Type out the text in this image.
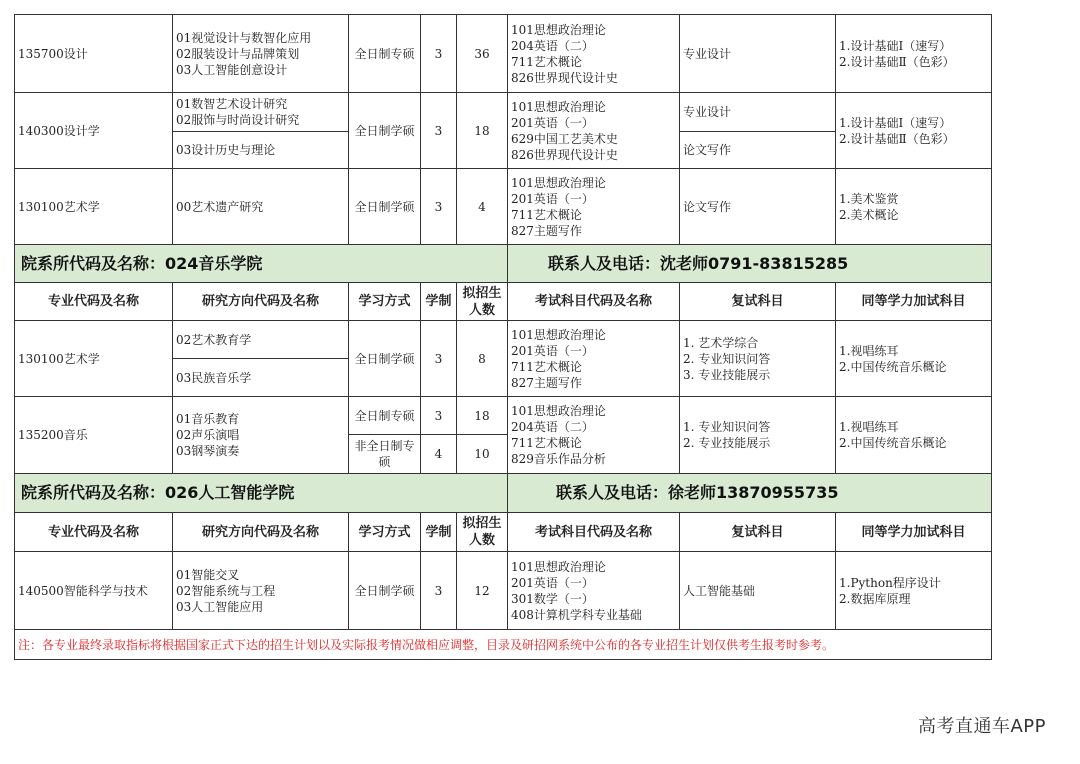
135700设计	01视觉设计与数智化应用
02服装设计与品牌策划
03人工智能创意设计	全日制专硕	3	36	101思想政治理论
204英语（二）
711艺术概论
826世界现代设计史	专业设计	1.设计基础Ⅰ（速写）
2.设计基础Ⅱ（色彩）
140300设计学	01数智艺术设计研究
02服饰与时尚设计研究	全日制学硕	3	18	101思想政治理论
201英语（一）
629中国工艺美术史
826世界现代设计史	专业设计	1.设计基础Ⅰ（速写）
2.设计基础Ⅱ（色彩）
	03设计历史与理论					论文写作	
130100艺术学	00艺术遗产研究	全日制学硕	3	4	101思想政治理论
201英语（一）
711艺术概论
827主题写作	论文写作	1.美术鉴赏
2.美术概论
院系所代码及名称：024音乐学院					联系人及电话：沈老师0791-83815285		
专业代码及名称	研究方向代码及名称	学习方式	学制	拟招生人数	考试科目代码及名称	复试科目	同等学力加试科目
130100艺术学	02艺术教育学	全日制学硕	3	8	101思想政治理论
201英语（一）
711艺术概论
827主题写作	1. 艺术学综合
2. 专业知识问答
3. 专业技能展示	1.视唱练耳
2.中国传统音乐概论
	03民族音乐学						
135200音乐	01音乐教育
02声乐演唱
03钢琴演奏	全日制专硕	3	18	101思想政治理论
204英语（二）
711艺术概论
829音乐作品分析	1. 专业知识问答
2. 专业技能展示	1.视唱练耳
2.中国传统音乐概论
		非全日制专硕	4	10			
院系所代码及名称：026人工智能学院					联系人及电话：徐老师13870955735		
专业代码及名称	研究方向代码及名称	学习方式	学制	拟招生人数	考试科目代码及名称	复试科目	同等学力加试科目
140500智能科学与技术	01智能交叉
02智能系统与工程
03人工智能应用	全日制学硕	3	12	101思想政治理论
201英语（一）
301数学（一）
408计算机学科专业基础	人工智能基础	1.Python程序设计
2.数据库原理
注：各专业最终录取指标将根据国家正式下达的招生计划以及实际报考情况做相应调整，目录及研招网系统中公布的各专业招生计划仅供考生报考时参考。							
高考直通车APP
